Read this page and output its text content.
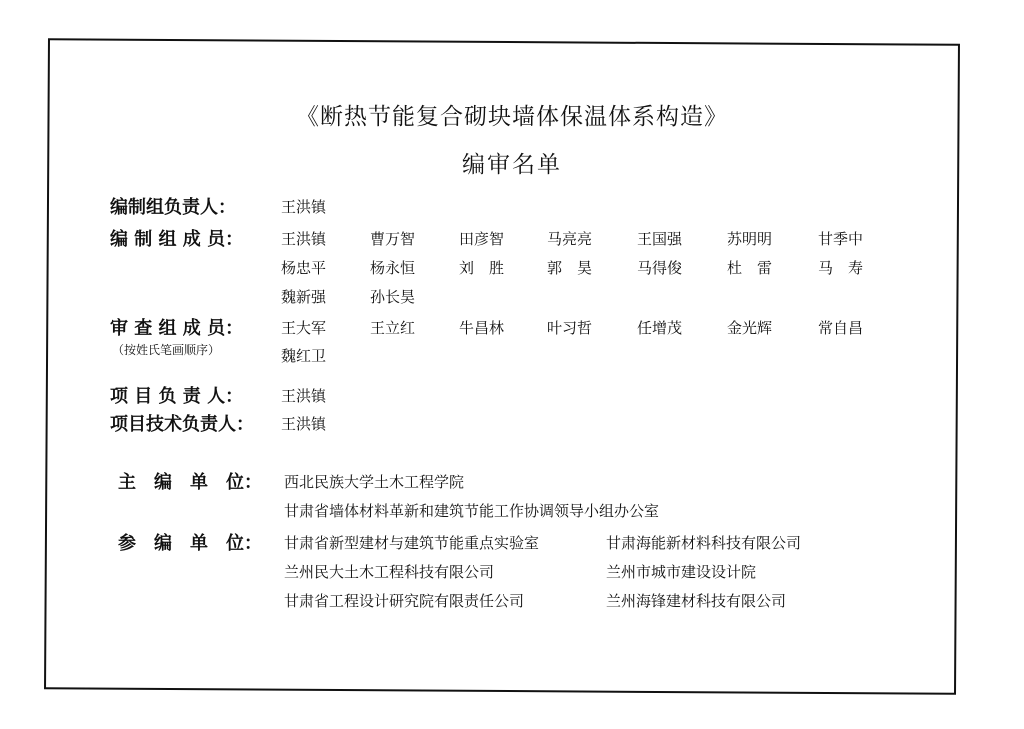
《断热节能复合砌块墙体保温体系构造》
编审名单
编制组负责人：	王洪镇
编 制 组 成 员：	王洪镇	曹万智	田彦智	马亮亮	王国强	苏明明	甘季中
杨忠平	杨永恒	刘　胜	郭　昊	马得俊	杜　雷	马　寿
魏新强	孙长昊
审 查 组 成 员：
（按姓氏笔画顺序）
王大军	王立红	牛昌林	叶习哲	任增茂	金光辉	常自昌
魏红卫
项 目 负 责 人：	王洪镇
项目技术负责人： 王洪镇
主　编　单　位： 西北民族大学土木工程学院
甘肃省墙体材料革新和建筑节能工作协调领导小组办公室
参　编　单　位： 甘肃省新型建材与建筑节能重点实验室	甘肃海能新材料科技有限公司
兰州民大土木工程科技有限公司	兰州市城市建设设计院
甘肃省工程设计研究院有限责任公司	兰州海锋建材科技有限公司
